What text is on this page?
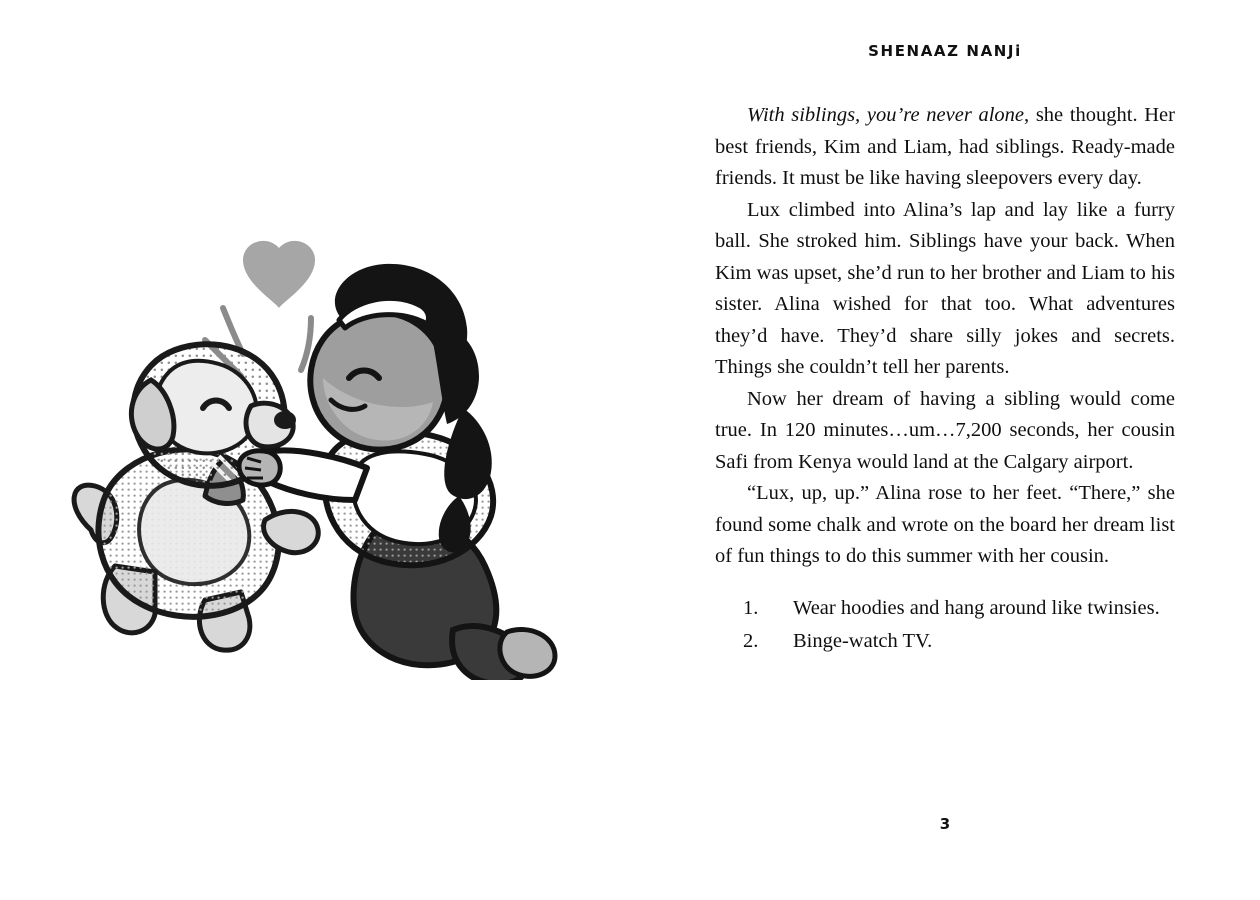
SHENAAZ NANJi

With siblings, you’re never alone, she thought. Her best friends, Kim and Liam, had siblings. Ready-made friends. It must be like having sleepovers every day.

Lux climbed into Alina’s lap and lay like a furry ball. She stroked him. Siblings have your back. When Kim was upset, she’d run to her brother and Liam to his sister. Alina wished for that too. What adventures they’d have. They’d share silly jokes and secrets. Things she couldn’t tell her parents.

Now her dream of having a sibling would come true. In 120 minutes…um…7,200 seconds, her cousin Safi from Kenya would land at the Calgary airport.

“Lux, up, up.” Alina rose to her feet. “There,” she found some chalk and wrote on the board her dream list of fun things to do this summer with her cousin.

1. Wear hoodies and hang around like twinsies.
2. Binge-watch TV.
3
